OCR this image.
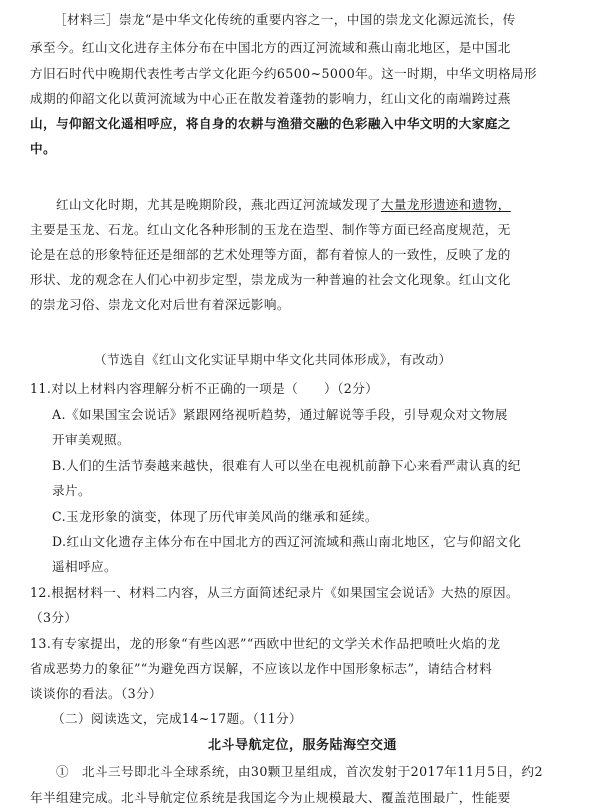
［材料三］崇龙“是中华文化传统的重要内容之一，中国的崇龙文化源远流长，传
承至今。红山文化进存主体分布在中国北方的西辽河流域和燕山南北地区，是中国北
方旧石时代中晚期代表性考古学文化距今约6500~5000年。这一时期，中华文明格局形
成期的仰韶文化以黄河流域为中心正在散发着蓬勃的影响力，红山文化的南端跨过燕
山，与仰韶文化遥相呼应，将自身的农耕与渔猎交融的色彩融入中华文明的大家庭之
中。
红山文化时期，尤其是晚期阶段，燕北西辽河流域发现了大量龙形遗迹和遗物，
主要是玉龙、石龙。红山文化各种形制的玉龙在造型、制作等方面已经高度规范，无
论是在总的形象特征还是细部的艺术处理等方面，都有着惊人的一致性，反映了龙的
形状、龙的观念在人们心中初步定型，崇龙成为一种普遍的社会文化现象。红山文化
的崇龙习俗、崇龙文化对后世有着深远影响。
（节选自《红山文化实证早期中华文化共同体形成》，有改动）
11.对以上材料内容理解分析不正确的一项是（　　）（2分）
A.《如果国宝会说话》紧跟网络视听趋势，通过解说等手段，引导观众对文物展
开审美观照。
B.人们的生活节奏越来越快，很难有人可以坐在电视机前静下心来看严肃认真的纪
录片。
C.玉龙形象的演变，体现了历代审美风尚的继承和延续。
D.红山文化遗存主体分布在中国北方的西辽河流域和燕山南北地区，它与仰韶文化
遥相呼应。
12.根据材料一、材料二内容，从三方面简述纪录片《如果国宝会说话》大热的原因。
（3分）
13.有专家提出，龙的形象“有些凶恶”“西欧中世纪的文学关术作品把喷吐火焰的龙
省成恶势力的象征”“为避免西方误解，不应该以龙作中国形象标志”，请结合材料
谈谈你的看法。（3分）
（二）阅读选文，完成14~17题。（11分）
北斗导航定位，服务陆海空交通
①　北斗三号即北斗全球系统，由30颗卫星组成，首次发射于2017年11月5日，约2
年半组建完成。北斗导航定位系统是我国迄今为止规模最大、覆盖范围最广，性能要
